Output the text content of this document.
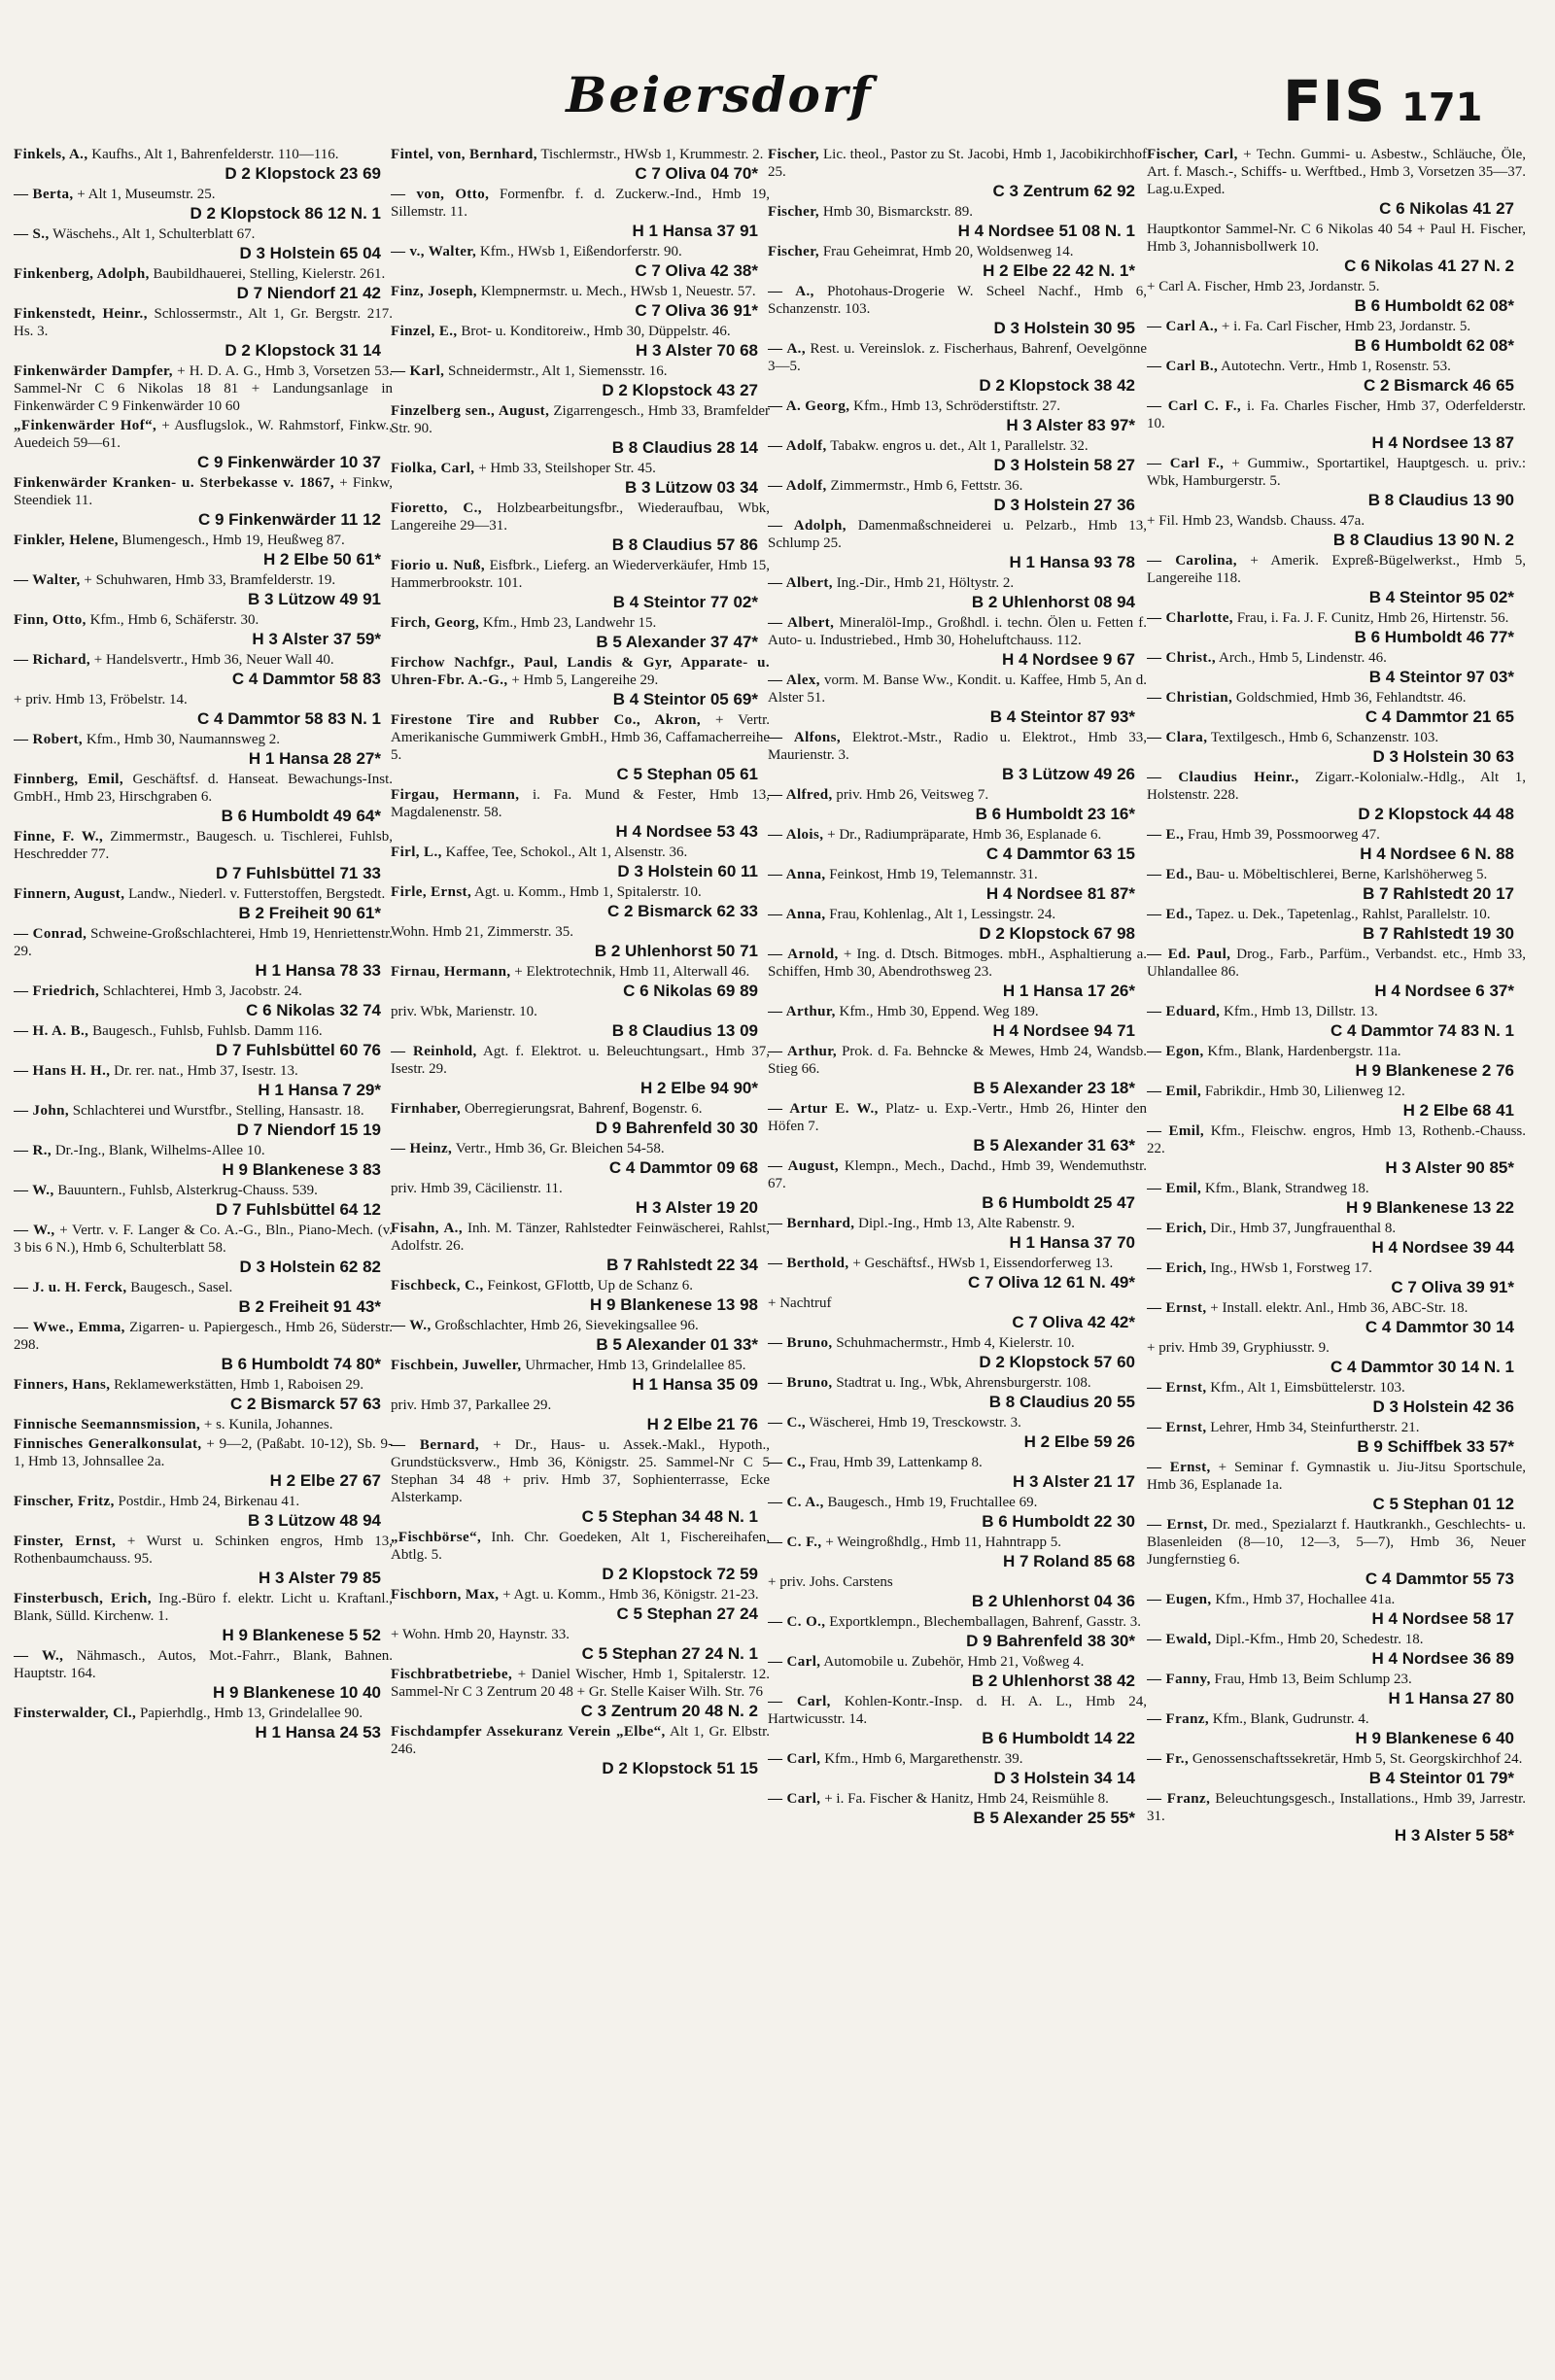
Beiersdorf	FIS 171
Finkels, A., Kaufhs., Alt 1, Bahrenfelderstr. 110—116.
D 2 Klopstock 23 69
— Berta, + Alt 1, Museumstr. 25.
D 2 Klopstock 86 12 N. 1
— S., Wäschehs., Alt 1, Schulterblatt 67.
D 3 Holstein 65 04
Finkenberg, Adolph, Baubildhauerei, Stelling, Kielerstr. 261.
D 7 Niendorf 21 42
Finkenstedt, Heinr., Schlossermstr., Alt 1, Gr. Bergstr. 217. Hs. 3.
D 2 Klopstock 31 14
Finkenwärder Dampfer, + H. D. A. G., Hmb 3, Vorsetzen 53. Sammel-Nr C 6 Nikolas 18 81 + Landungsanlage in Finkenwärder C 9 Finkenwärder 10 60
„Finkenwärder Hof“, + Ausflugslok., W. Rahmstorf, Finkw., Auedeich 59—61.
C 9 Finkenwärder 10 37
Finkenwärder Kranken- u. Sterbekasse v. 1867, + Finkw, Steendiek 11.
C 9 Finkenwärder 11 12
Finkler, Helene, Blumengesch., Hmb 19, Heußweg 87.
H 2 Elbe 50 61*
— Walter, + Schuhwaren, Hmb 33, Bramfelderstr. 19.
B 3 Lützow 49 91
Finn, Otto, Kfm., Hmb 6, Schäferstr. 30.
H 3 Alster 37 59*
— Richard, + Handelsvertr., Hmb 36, Neuer Wall 40.
C 4 Dammtor 58 83
+ priv. Hmb 13, Fröbelstr. 14.
C 4 Dammtor 58 83 N. 1
— Robert, Kfm., Hmb 30, Naumannsweg 2.
H 1 Hansa 28 27*
Finnberg, Emil, Geschäftsf. d. Hanseat. Bewachungs-Inst. GmbH., Hmb 23, Hirschgraben 6.
B 6 Humboldt 49 64*
Finne, F. W., Zimmermstr., Baugesch. u. Tischlerei, Fuhlsb, Heschredder 77.
D 7 Fuhlsbüttel 71 33
Finnern, August, Landw., Niederl. v. Futterstoffen, Bergstedt.
B 2 Freiheit 90 61*
— Conrad, Schweine-Großschlachterei, Hmb 19, Henriettenstr. 29.
H 1 Hansa 78 33
— Friedrich, Schlachterei, Hmb 3, Jacobstr. 24.
C 6 Nikolas 32 74
— H. A. B., Baugesch., Fuhlsb, Fuhlsb. Damm 116.
D 7 Fuhlsbüttel 60 76
— Hans H. H., Dr. rer. nat., Hmb 37, Isestr. 13.
H 1 Hansa 7 29*
— John, Schlachterei und Wurstfbr., Stelling, Hansastr. 18.
D 7 Niendorf 15 19
— R., Dr.-Ing., Blank, Wilhelms-Allee 10.
H 9 Blankenese 3 83
— W., Bauuntern., Fuhlsb, Alsterkrug-Chauss. 539.
D 7 Fuhlsbüttel 64 12
— W., + Vertr. v. F. Langer & Co. A.-G., Bln., Piano-Mech. (v. 3 bis 6 N.), Hmb 6, Schulterblatt 58.
D 3 Holstein 62 82
— J. u. H. Ferck, Baugesch., Sasel.
B 2 Freiheit 91 43*
— Wwe., Emma, Zigarren- u. Papiergesch., Hmb 26, Süderstr. 298.
B 6 Humboldt 74 80*
Finners, Hans, Reklamewerkstätten, Hmb 1, Raboisen 29.
C 2 Bismarck 57 63
Finnische Seemannsmission, + s. Kunila, Johannes.
Finnisches Generalkonsulat, + 9—2, (Paßabt. 10-12), Sb. 9-1, Hmb 13, Johnsallee 2a.
H 2 Elbe 27 67
Finscher, Fritz, Postdir., Hmb 24, Birkenau 41.
B 3 Lützow 48 94
Finster, Ernst, + Wurst u. Schinken engros, Hmb 13, Rothenbaumchauss. 95.
H 3 Alster 79 85
Finsterbusch, Erich, Ing.-Büro f. elektr. Licht u. Kraftanl., Blank, Sülld. Kirchenw. 1.
H 9 Blankenese 5 52
— W., Nähmasch., Autos, Mot.-Fahrr., Blank, Bahnen. Hauptstr. 164.
H 9 Blankenese 10 40
Finsterwalder, Cl., Papierhdlg., Hmb 13, Grindelallee 90.
H 1 Hansa 24 53
Fintel, von, Bernhard, Tischlermstr., HWsb 1, Krummestr. 2.
C 7 Oliva 04 70*
— von, Otto, Formenfbr. f. d. Zuckerw.-Ind., Hmb 19, Sillemstr. 11.
H 1 Hansa 37 91
— v., Walter, Kfm., HWsb 1, Eißendorferstr. 90.
C 7 Oliva 42 38*
Finz, Joseph, Klempnermstr. u. Mech., HWsb 1, Neuestr. 57.
C 7 Oliva 36 91*
Finzel, E., Brot- u. Konditoreiw., Hmb 30, Düppelstr. 46.
H 3 Alster 70 68
— Karl, Schneidermstr., Alt 1, Siemensstr. 16.
D 2 Klopstock 43 27
Finzelberg sen., August, Zigarrengesch., Hmb 33, Bramfelder Str. 90.
B 8 Claudius 28 14
Fiolka, Carl, + Hmb 33, Steilshoper Str. 45.
B 3 Lützow 03 34
Fioretto, C., Holzbearbeitungsfbr., Wiederaufbau, Wbk, Langereihe 29—31.
B 8 Claudius 57 86
Fiorio u. Nuß, Eisfbrk., Lieferg. an Wiederverkäufer, Hmb 15, Hammerbrookstr. 101.
B 4 Steintor 77 02*
Firch, Georg, Kfm., Hmb 23, Landwehr 15.
B 5 Alexander 37 47*
Firchow Nachfgr., Paul, Landis & Gyr, Apparate- u. Uhren-Fbr. A.-G., + Hmb 5, Langereihe 29.
B 4 Steintor 05 69*
Firestone Tire and Rubber Co., Akron, + Vertr. Amerikanische Gummiwerk GmbH., Hmb 36, Caffamacherreihe 5.
C 5 Stephan 05 61
Firgau, Hermann, i. Fa. Mund & Fester, Hmb 13, Magdalenenstr. 58.
H 4 Nordsee 53 43
Firl, L., Kaffee, Tee, Schokol., Alt 1, Alsenstr. 36.
D 3 Holstein 60 11
Firle, Ernst, Agt. u. Komm., Hmb 1, Spitalerstr. 10.
C 2 Bismarck 62 33
Wohn. Hmb 21, Zimmerstr. 35.
B 2 Uhlenhorst 50 71
Firnau, Hermann, + Elektrotechnik, Hmb 11, Alterwall 46.
C 6 Nikolas 69 89
priv. Wbk, Marienstr. 10.
B 8 Claudius 13 09
— Reinhold, Agt. f. Elektrot. u. Beleuchtungsart., Hmb 37, Isestr. 29.
H 2 Elbe 94 90*
Firnhaber, Oberregierungsrat, Bahrenf, Bogenstr. 6.
D 9 Bahrenfeld 30 30
— Heinz, Vertr., Hmb 36, Gr. Bleichen 54-58.
C 4 Dammtor 09 68
priv. Hmb 39, Cäcilienstr. 11.
H 3 Alster 19 20
Fisahn, A., Inh. M. Tänzer, Rahlstedter Feinwäscherei, Rahlst, Adolfstr. 26.
B 7 Rahlstedt 22 34
Fischbeck, C., Feinkost, GFlottb, Up de Schanz 6.
H 9 Blankenese 13 98
— W., Großschlachter, Hmb 26, Sievekingsallee 96.
B 5 Alexander 01 33*
Fischbein, Juweller, Uhrmacher, Hmb 13, Grindelallee 85.
H 1 Hansa 35 09
priv. Hmb 37, Parkallee 29.
H 2 Elbe 21 76
— Bernard, + Dr., Haus- u. Assek.-Makl., Hypoth., Grundstücksverw., Hmb 36, Königstr. 25. Sammel-Nr C 5 Stephan 34 48 + priv. Hmb 37, Sophienterrasse, Ecke Alsterkamp.
C 5 Stephan 34 48 N. 1
„Fischbörse“, Inh. Chr. Goedeken, Alt 1, Fischereihafen, Abtlg. 5.
D 2 Klopstock 72 59
Fischborn, Max, + Agt. u. Komm., Hmb 36, Königstr. 21-23.
C 5 Stephan 27 24
+ Wohn. Hmb 20, Haynstr. 33.
C 5 Stephan 27 24 N. 1
Fischbratbetriebe, + Daniel Wischer, Hmb 1, Spitalerstr. 12. Sammel-Nr C 3 Zentrum 20 48 + Gr. Stelle Kaiser Wilh. Str. 76
C 3 Zentrum 20 48 N. 2
Fischdampfer Assekuranz Verein „Elbe“, Alt 1, Gr. Elbstr. 246.
D 2 Klopstock 51 15
Fischer, Lic. theol., Pastor zu St. Jacobi, Hmb 1, Jacobikirchhof 25.
C 3 Zentrum 62 92
Fischer, Hmb 30, Bismarckstr. 89.
H 4 Nordsee 51 08 N. 1
Fischer, Frau Geheimrat, Hmb 20, Woldsenweg 14.
H 2 Elbe 22 42 N. 1*
— A., Photohaus-Drogerie W. Scheel Nachf., Hmb 6, Schanzenstr. 103.
D 3 Holstein 30 95
— A., Rest. u. Vereinslok. z. Fischerhaus, Bahrenf, Oevelgönne 3—5.
D 2 Klopstock 38 42
— A. Georg, Kfm., Hmb 13, Schröderstiftstr. 27.
H 3 Alster 83 97*
— Adolf, Tabakw. engros u. det., Alt 1, Parallelstr. 32.
D 3 Holstein 58 27
— Adolf, Zimmermstr., Hmb 6, Fettstr. 36.
D 3 Holstein 27 36
— Adolph, Damenmaßschneiderei u. Pelzarb., Hmb 13, Schlump 25.
H 1 Hansa 93 78
— Albert, Ing.-Dir., Hmb 21, Höltystr. 2.
B 2 Uhlenhorst 08 94
— Albert, Mineralöl-Imp., Großhdl. i. techn. Ölen u. Fetten f. Auto- u. Industriebed., Hmb 30, Hoheluftchauss. 112.
H 4 Nordsee 9 67
— Alex, vorm. M. Banse Ww., Kondit. u. Kaffee, Hmb 5, An d. Alster 51.
B 4 Steintor 87 93*
— Alfons, Elektrot.-Mstr., Radio u. Elektrot., Hmb 33, Maurienstr. 3.
B 3 Lützow 49 26
— Alfred, priv. Hmb 26, Veitsweg 7.
B 6 Humboldt 23 16*
— Alois, + Dr., Radiumpräparate, Hmb 36, Esplanade 6.
C 4 Dammtor 63 15
— Anna, Feinkost, Hmb 19, Telemannstr. 31.
H 4 Nordsee 81 87*
— Anna, Frau, Kohlenlag., Alt 1, Lessingstr. 24.
D 2 Klopstock 67 98
— Arnold, + Ing. d. Dtsch. Bitmoges. mbH., Asphaltierung a. Schiffen, Hmb 30, Abendrothsweg 23.
H 1 Hansa 17 26*
— Arthur, Kfm., Hmb 30, Eppend. Weg 189.
H 4 Nordsee 94 71
— Arthur, Prok. d. Fa. Behncke & Mewes, Hmb 24, Wandsb. Stieg 66.
B 5 Alexander 23 18*
— Artur E. W., Platz- u. Exp.-Vertr., Hmb 26, Hinter den Höfen 7.
B 5 Alexander 31 63*
— August, Klempn., Mech., Dachd., Hmb 39, Wendemuthstr. 67.
B 6 Humboldt 25 47
— Bernhard, Dipl.-Ing., Hmb 13, Alte Rabenstr. 9.
H 1 Hansa 37 70
— Berthold, + Geschäftsf., HWsb 1, Eissendorferweg 13.
C 7 Oliva 12 61 N. 49*
+ Nachtruf
C 7 Oliva 42 42*
— Bruno, Schuhmachermstr., Hmb 4, Kielerstr. 10.
D 2 Klopstock 57 60
— Bruno, Stadtrat u. Ing., Wbk, Ahrensburgerstr. 108.
B 8 Claudius 20 55
— C., Wäscherei, Hmb 19, Tresckowstr. 3.
H 2 Elbe 59 26
— C., Frau, Hmb 39, Lattenkamp 8.
H 3 Alster 21 17
— C. A., Baugesch., Hmb 19, Fruchtallee 69.
B 6 Humboldt 22 30
— C. F., + Weingroßhdlg., Hmb 11, Hahntrapp 5.
H 7 Roland 85 68
+ priv. Johs. Carstens
B 2 Uhlenhorst 04 36
— C. O., Exportklempn., Blechemballagen, Bahrenf, Gasstr. 3.
D 9 Bahrenfeld 38 30*
— Carl, Automobile u. Zubehör, Hmb 21, Voßweg 4.
B 2 Uhlenhorst 38 42
— Carl, Kohlen-Kontr.-Insp. d. H. A. L., Hmb 24, Hartwicusstr. 14.
B 6 Humboldt 14 22
— Carl, Kfm., Hmb 6, Margarethenstr. 39.
D 3 Holstein 34 14
— Carl, + i. Fa. Fischer & Hanitz, Hmb 24, Reismühle 8.
B 5 Alexander 25 55*
Fischer, Carl, + Techn. Gummi- u. Asbestw., Schläuche, Öle, Art. f. Masch.-, Schiffs- u. Werftbed., Hmb 3, Vorsetzen 35—37. Lag.u.Exped.
C 6 Nikolas 41 27
Hauptkontor Sammel-Nr. C 6 Nikolas 40 54 + Paul H. Fischer, Hmb 3, Johannisbollwerk 10.
C 6 Nikolas 41 27 N. 2
+ Carl A. Fischer, Hmb 23, Jordanstr. 5.
B 6 Humboldt 62 08*
— Carl A., + i. Fa. Carl Fischer, Hmb 23, Jordanstr. 5.
B 6 Humboldt 62 08*
— Carl B., Autotechn. Vertr., Hmb 1, Rosenstr. 53.
C 2 Bismarck 46 65
— Carl C. F., i. Fa. Charles Fischer, Hmb 37, Oderfelderstr. 10.
H 4 Nordsee 13 87
— Carl F., + Gummiw., Sportartikel, Hauptgesch. u. priv.: Wbk, Hamburgerstr. 5.
B 8 Claudius 13 90
+ Fil. Hmb 23, Wandsb. Chauss. 47a.
B 8 Claudius 13 90 N. 2
— Carolina, + Amerik. Expreß-Bügelwerkst., Hmb 5, Langereihe 118.
B 4 Steintor 95 02*
— Charlotte, Frau, i. Fa. J. F. Cunitz, Hmb 26, Hirtenstr. 56.
B 6 Humboldt 46 77*
— Christ., Arch., Hmb 5, Lindenstr. 46.
B 4 Steintor 97 03*
— Christian, Goldschmied, Hmb 36, Fehlandtstr. 46.
C 4 Dammtor 21 65
— Clara, Textilgesch., Hmb 6, Schanzenstr. 103.
D 3 Holstein 30 63
— Claudius Heinr., Zigarr.-Kolonialw.-Hdlg., Alt 1, Holstenstr. 228.
D 2 Klopstock 44 48
— E., Frau, Hmb 39, Possmoorweg 47.
H 4 Nordsee 6 N. 88
— Ed., Bau- u. Möbeltischlerei, Berne, Karlshöherweg 5.
B 7 Rahlstedt 20 17
— Ed., Tapez. u. Dek., Tapetenlag., Rahlst, Parallelstr. 10.
B 7 Rahlstedt 19 30
— Ed. Paul, Drog., Farb., Parfüm., Verbandst. etc., Hmb 33, Uhlandallee 86.
H 4 Nordsee 6 37*
— Eduard, Kfm., Hmb 13, Dillstr. 13.
C 4 Dammtor 74 83 N. 1
— Egon, Kfm., Blank, Hardenbergstr. 11a.
H 9 Blankenese 2 76
— Emil, Fabrikdir., Hmb 30, Lilienweg 12.
H 2 Elbe 68 41
— Emil, Kfm., Fleischw. engros, Hmb 13, Rothenb.-Chauss. 22.
H 3 Alster 90 85*
— Emil, Kfm., Blank, Strandweg 18.
H 9 Blankenese 13 22
— Erich, Dir., Hmb 37, Jungfrauenthal 8.
H 4 Nordsee 39 44
— Erich, Ing., HWsb 1, Forstweg 17.
C 7 Oliva 39 91*
— Ernst, + Install. elektr. Anl., Hmb 36, ABC-Str. 18.
C 4 Dammtor 30 14
+ priv. Hmb 39, Gryphiusstr. 9.
C 4 Dammtor 30 14 N. 1
— Ernst, Kfm., Alt 1, Eimsbüttelerstr. 103.
D 3 Holstein 42 36
— Ernst, Lehrer, Hmb 34, Steinfurtherstr. 21.
B 9 Schiffbek 33 57*
— Ernst, + Seminar f. Gymnastik u. Jiu-Jitsu Sportschule, Hmb 36, Esplanade 1a.
C 5 Stephan 01 12
— Ernst, Dr. med., Spezialarzt f. Hautkrankh., Geschlechts- u. Blasenleiden (8—10, 12—3, 5—7), Hmb 36, Neuer Jungfernstieg 6.
C 4 Dammtor 55 73
— Eugen, Kfm., Hmb 37, Hochallee 41a.
H 4 Nordsee 58 17
— Ewald, Dipl.-Kfm., Hmb 20, Schedestr. 18.
H 4 Nordsee 36 89
— Fanny, Frau, Hmb 13, Beim Schlump 23.
H 1 Hansa 27 80
— Franz, Kfm., Blank, Gudrunstr. 4.
H 9 Blankenese 6 40
— Fr., Genossenschaftssekretär, Hmb 5, St. Georgskirchhof 24.
B 4 Steintor 01 79*
— Franz, Beleuchtungsgesch., Installations., Hmb 39, Jarrestr. 31.
H 3 Alster 5 58*
